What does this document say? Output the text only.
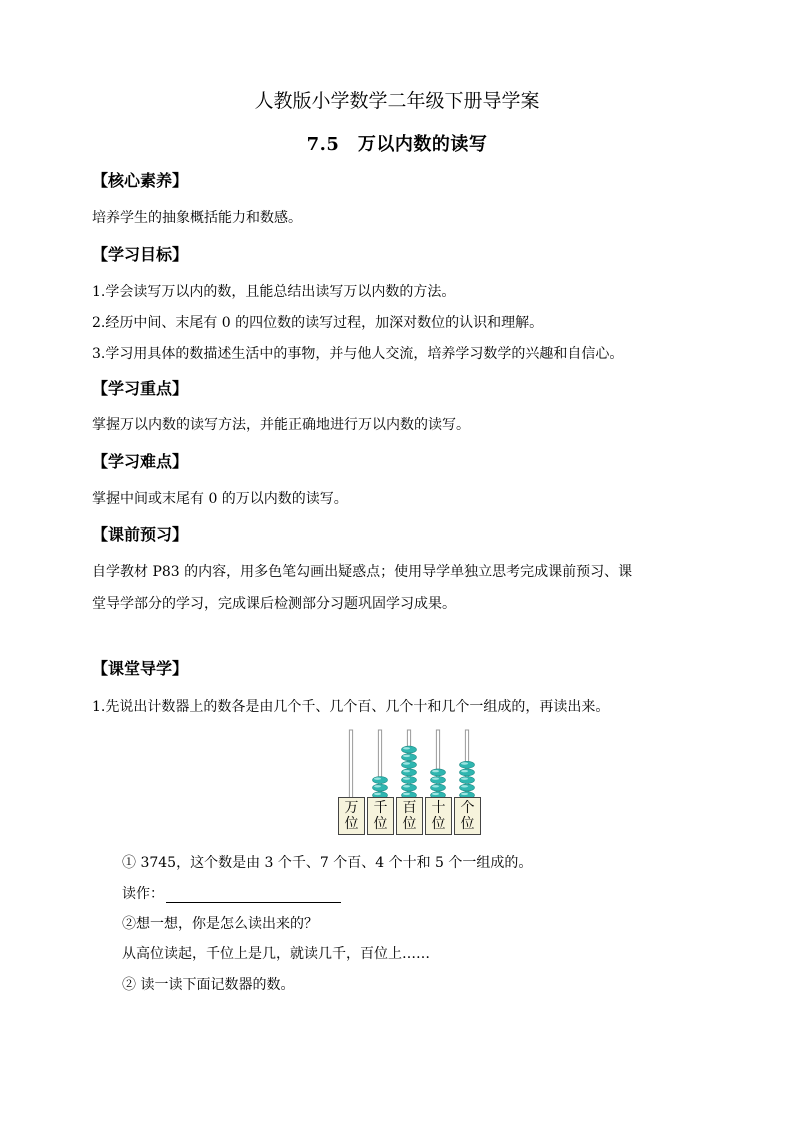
人教版小学数学二年级下册导学案
7.5　万以内数的读写
【核心素养】
培养学生的抽象概括能力和数感。
【学习目标】
1.学会读写万以内的数，且能总结出读写万以内数的方法。
2.经历中间、末尾有 0 的四位数的读写过程，加深对数位的认识和理解。
3.学习用具体的数描述生活中的事物，并与他人交流，培养学习数学的兴趣和自信心。
【学习重点】
掌握万以内数的读写方法，并能正确地进行万以内数的读写。
【学习难点】
掌握中间或末尾有 0 的万以内数的读写。
【课前预习】
自学教材 P83 的内容，用多色笔勾画出疑惑点；使用导学单独立思考完成课前预习、课
堂导学部分的学习，完成课后检测部分习题巩固学习成果。
【课堂导学】
1.先说出计数器上的数各是由几个千、几个百、几个十和几个一组成的，再读出来。
万
位
千
位
百
位
十
位
个
位
① 3745，这个数是由 3 个千、7 个百、4 个十和 5 个一组成的。
读作：
②想一想，你是怎么读出来的？
从高位读起，千位上是几，就读几千，百位上……
② 读一读下面记数器的数。
